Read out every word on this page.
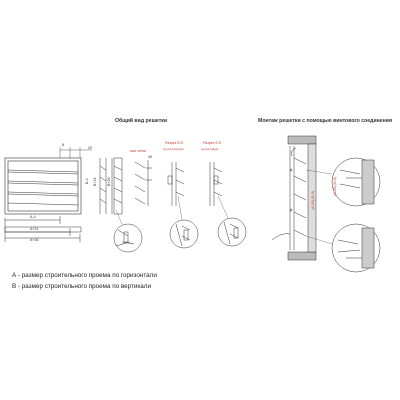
Общий вид решетки	Монтаж решетки с помощью винтового соединения
20
8
А-4
А+21
А+26
В-4 В+21	В+26
шаг сетки
45
Разрез Е-Е
(ручка спереди)
Разрез Е-Е
(ручка сзади)
(А-20)-(В-5)
(А-20)-(В-5)
А - размер строительного проема по горизонтали
В - размер строительного проема по вертикали
